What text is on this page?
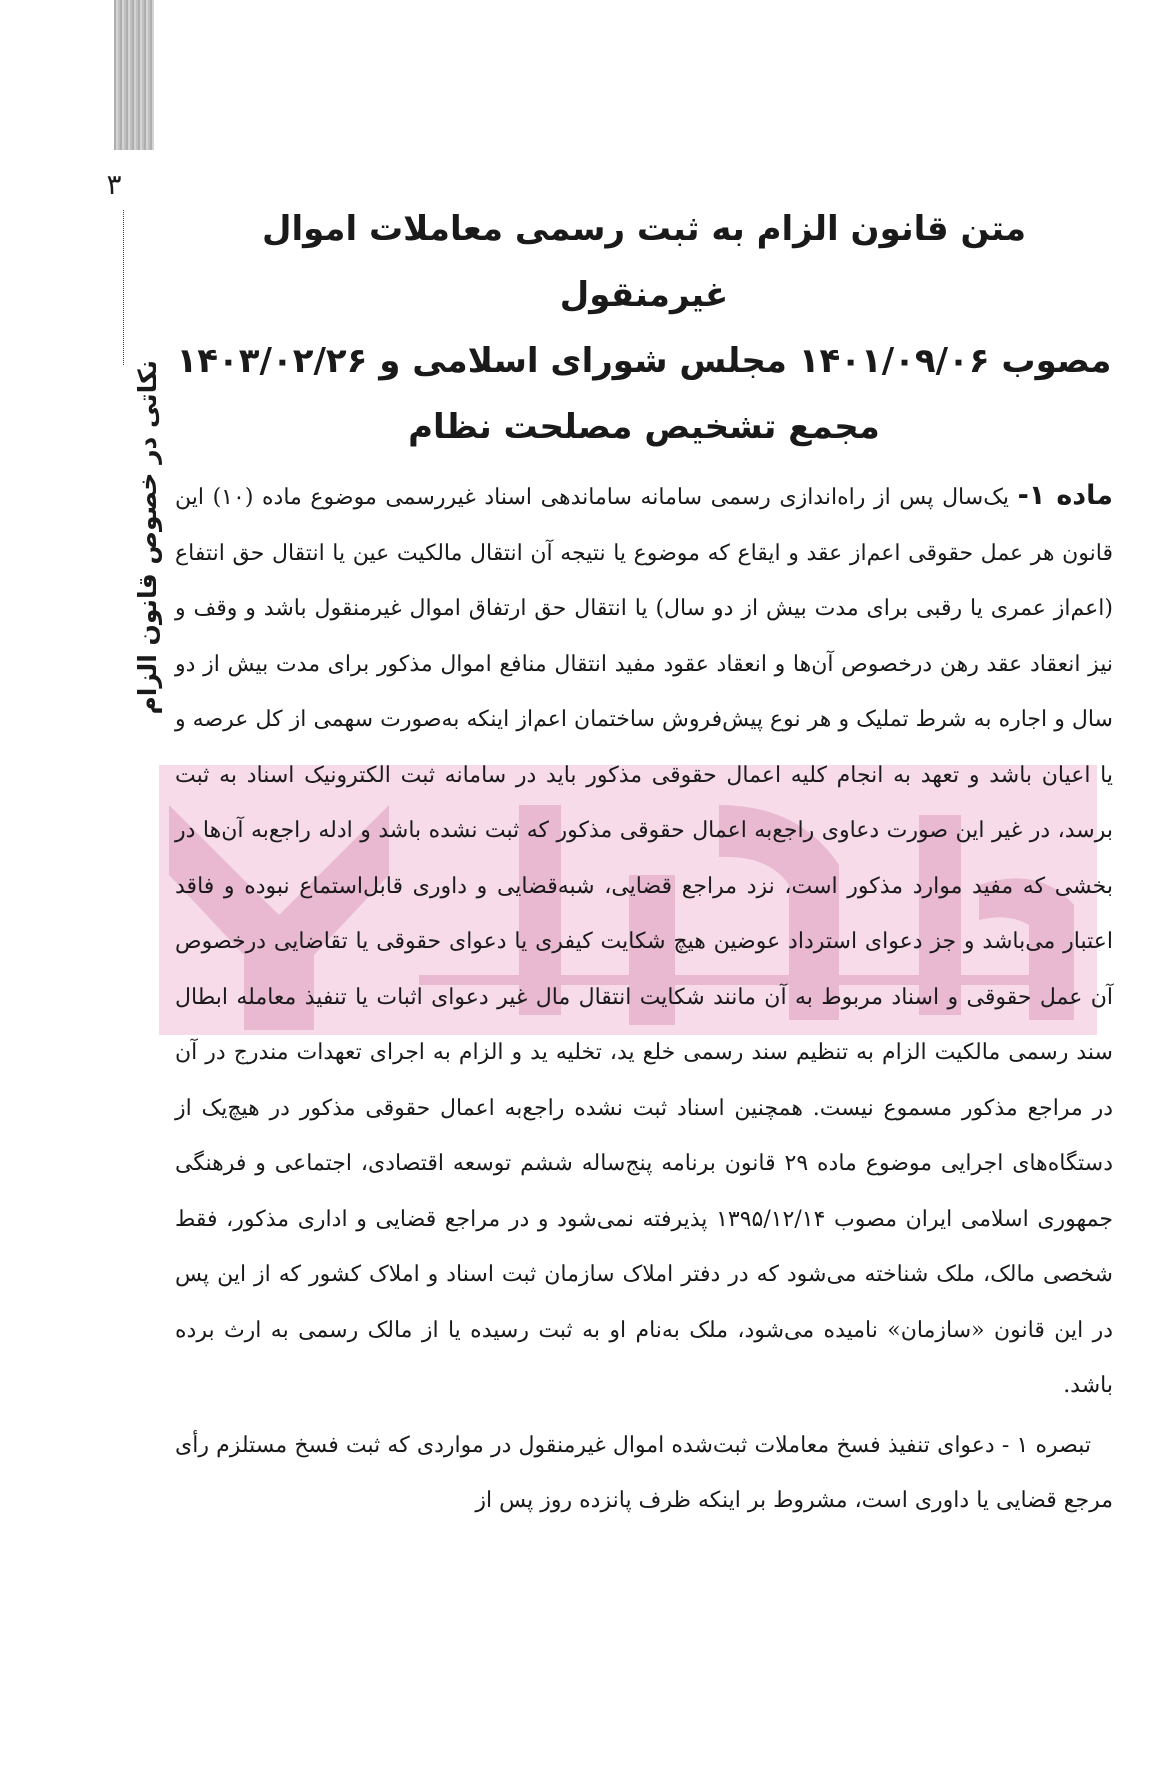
۳
نکاتی در خصوص قانون الزام
متن قانون الزام به ثبت رسمی معاملات اموال غیرمنقول
مصوب ۱۴۰۱/۰۹/۰۶ مجلس شورای اسلامی و ۱۴۰۳/۰۲/۲۶
مجمع تشخیص مصلحت نظام

ماده ۱- یک‌سال پس از راه‌اندازی رسمی سامانه ساماندهی اسناد غیررسمی موضوع ماده (۱۰) این قانون هر عمل حقوقی اعم‌از عقد و ایقاع که موضوع یا نتیجه آن انتقال مالکیت عین یا انتقال حق انتفاع (اعم‌از عمری یا رقبی برای مدت بیش از دو سال) یا انتقال حق ارتفاق اموال غیرمنقول باشد و وقف و نیز انعقاد عقد رهن درخصوص آن‌ها و انعقاد عقود مفید انتقال منافع اموال مذکور برای مدت بیش از دو سال و اجاره به شرط تملیک و هر نوع پیش‌فروش ساختمان اعم‌از اینکه به‌صورت سهمی از کل عرصه و یا اعیان باشد و تعهد به انجام کلیه اعمال حقوقی مذکور باید در سامانه ثبت الکترونیک اسناد به ثبت برسد، در غیر این صورت دعاوی راجع‌به اعمال حقوقی مذکور که ثبت نشده باشد و ادله راجع‌به آن‌ها در بخشی که مفید موارد مذکور است، نزد مراجع قضایی، شبه‌قضایی و داوری قابل‌استماع نبوده و فاقد اعتبار می‌باشد و جز دعوای استرداد عوضین هیچ شکایت کیفری یا دعوای حقوقی یا تقاضایی درخصوص آن عمل حقوقی و اسناد مربوط به آن مانند شکایت انتقال مال غیر دعوای اثبات یا تنفیذ معامله ابطال سند رسمی مالکیت الزام به تنظیم سند رسمی خلع ید، تخلیه ید و الزام به اجرای تعهدات مندرج در آن در مراجع مذکور مسموع نیست. همچنین اسناد ثبت نشده راجع‌به اعمال حقوقی مذکور در هیچ‌یک از دستگاه‌های اجرایی موضوع ماده ۲۹ قانون برنامه پنج‌ساله ششم توسعه اقتصادی، اجتماعی و فرهنگی جمهوری اسلامی ایران مصوب ۱۳۹۵/۱۲/۱۴ پذیرفته نمی‌شود و در مراجع قضایی و اداری مذکور، فقط شخصی مالک، ملک شناخته می‌شود که در دفتر املاک سازمان ثبت اسناد و املاک کشور که از این پس در این قانون «سازمان» نامیده می‌شود، ملک به‌نام او به ثبت رسیده یا از مالک رسمی به ارث برده باشد.

تبصره ۱ - دعوای تنفیذ فسخ معاملات ثبت‌شده اموال غیرمنقول در مواردی که ثبت فسخ مستلزم رأی مرجع قضایی یا داوری است، مشروط بر اینکه ظرف پانزده روز پس از
